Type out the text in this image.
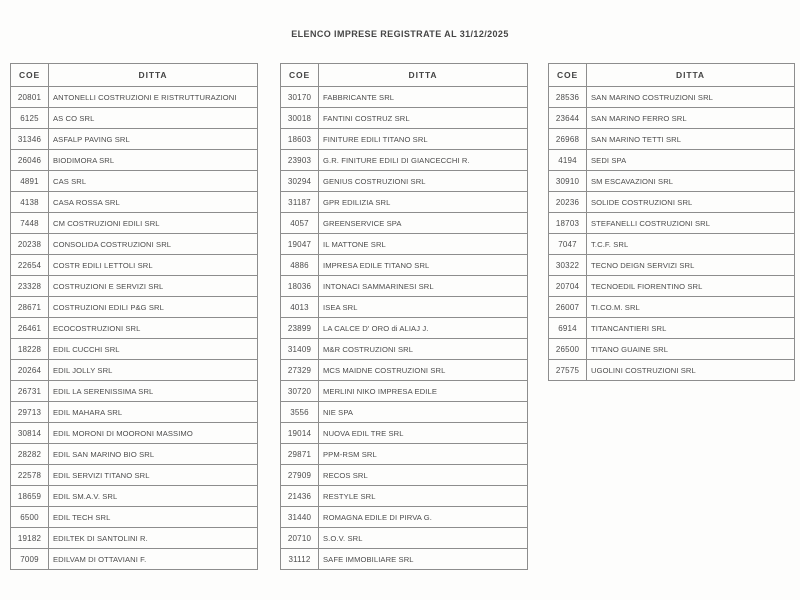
ELENCO IMPRESE REGISTRATE AL 31/12/2025
COE	DITTA
20801	ANTONELLI COSTRUZIONI E RISTRUTTURAZIONI
6125	AS CO SRL
31346	ASFALP PAVING SRL
26046	BIODIMORA SRL
4891	CAS SRL
4138	CASA ROSSA SRL
7448	CM COSTRUZIONI EDILI SRL
20238	CONSOLIDA COSTRUZIONI SRL
22654	COSTR EDILI LETTOLI SRL
23328	COSTRUZIONI E SERVIZI SRL
28671	COSTRUZIONI EDILI P&G SRL
26461	ECOCOSTRUZIONI SRL
18228	EDIL CUCCHI SRL
20264	EDIL JOLLY SRL
26731	EDIL LA SERENISSIMA SRL
29713	EDIL MAHARA SRL
30814	EDIL MORONI DI MOORONI MASSIMO
28282	EDIL SAN MARINO BIO SRL
22578	EDIL SERVIZI TITANO SRL
18659	EDIL SM.A.V. SRL
6500	EDIL TECH SRL
19182	EDILTEK DI SANTOLINI R.
7009	EDILVAM DI OTTAVIANI F.
COE	DITTA
30170	FABBRICANTE SRL
30018	FANTINI COSTRUZ SRL
18603	FINITURE EDILI TITANO SRL
23903	G.R. FINITURE EDILI DI GIANCECCHI R.
30294	GENIUS COSTRUZIONI SRL
31187	GPR EDILIZIA SRL
4057	GREENSERVICE SPA
19047	IL MATTONE SRL
4886	IMPRESA EDILE TITANO SRL
18036	INTONACI SAMMARINESI SRL
4013	ISEA SRL
23899	LA CALCE D' ORO di ALIAJ J.
31409	M&R COSTRUZIONI SRL
27329	MCS MAIDNE COSTRUZIONI SRL
30720	MERLINI NIKO IMPRESA EDILE
3556	NIE SPA
19014	NUOVA EDIL TRE SRL
29871	PPM-RSM SRL
27909	RECOS SRL
21436	RESTYLE SRL
31440	ROMAGNA EDILE DI PIRVA G.
20710	S.O.V. SRL
31112	SAFE IMMOBILIARE SRL
COE	DITTA
28536	SAN MARINO COSTRUZIONI SRL
23644	SAN MARINO FERRO SRL
26968	SAN MARINO TETTI SRL
4194	SEDI SPA
30910	SM ESCAVAZIONI SRL
20236	SOLIDE COSTRUZIONI SRL
18703	STEFANELLI COSTRUZIONI SRL
7047	T.C.F. SRL
30322	TECNO DEIGN SERVIZI SRL
20704	TECNOEDIL FIORENTINO SRL
26007	TI.CO.M. SRL
6914	TITANCANTIERI SRL
26500	TITANO GUAINE SRL
27575	UGOLINI COSTRUZIONI SRL
